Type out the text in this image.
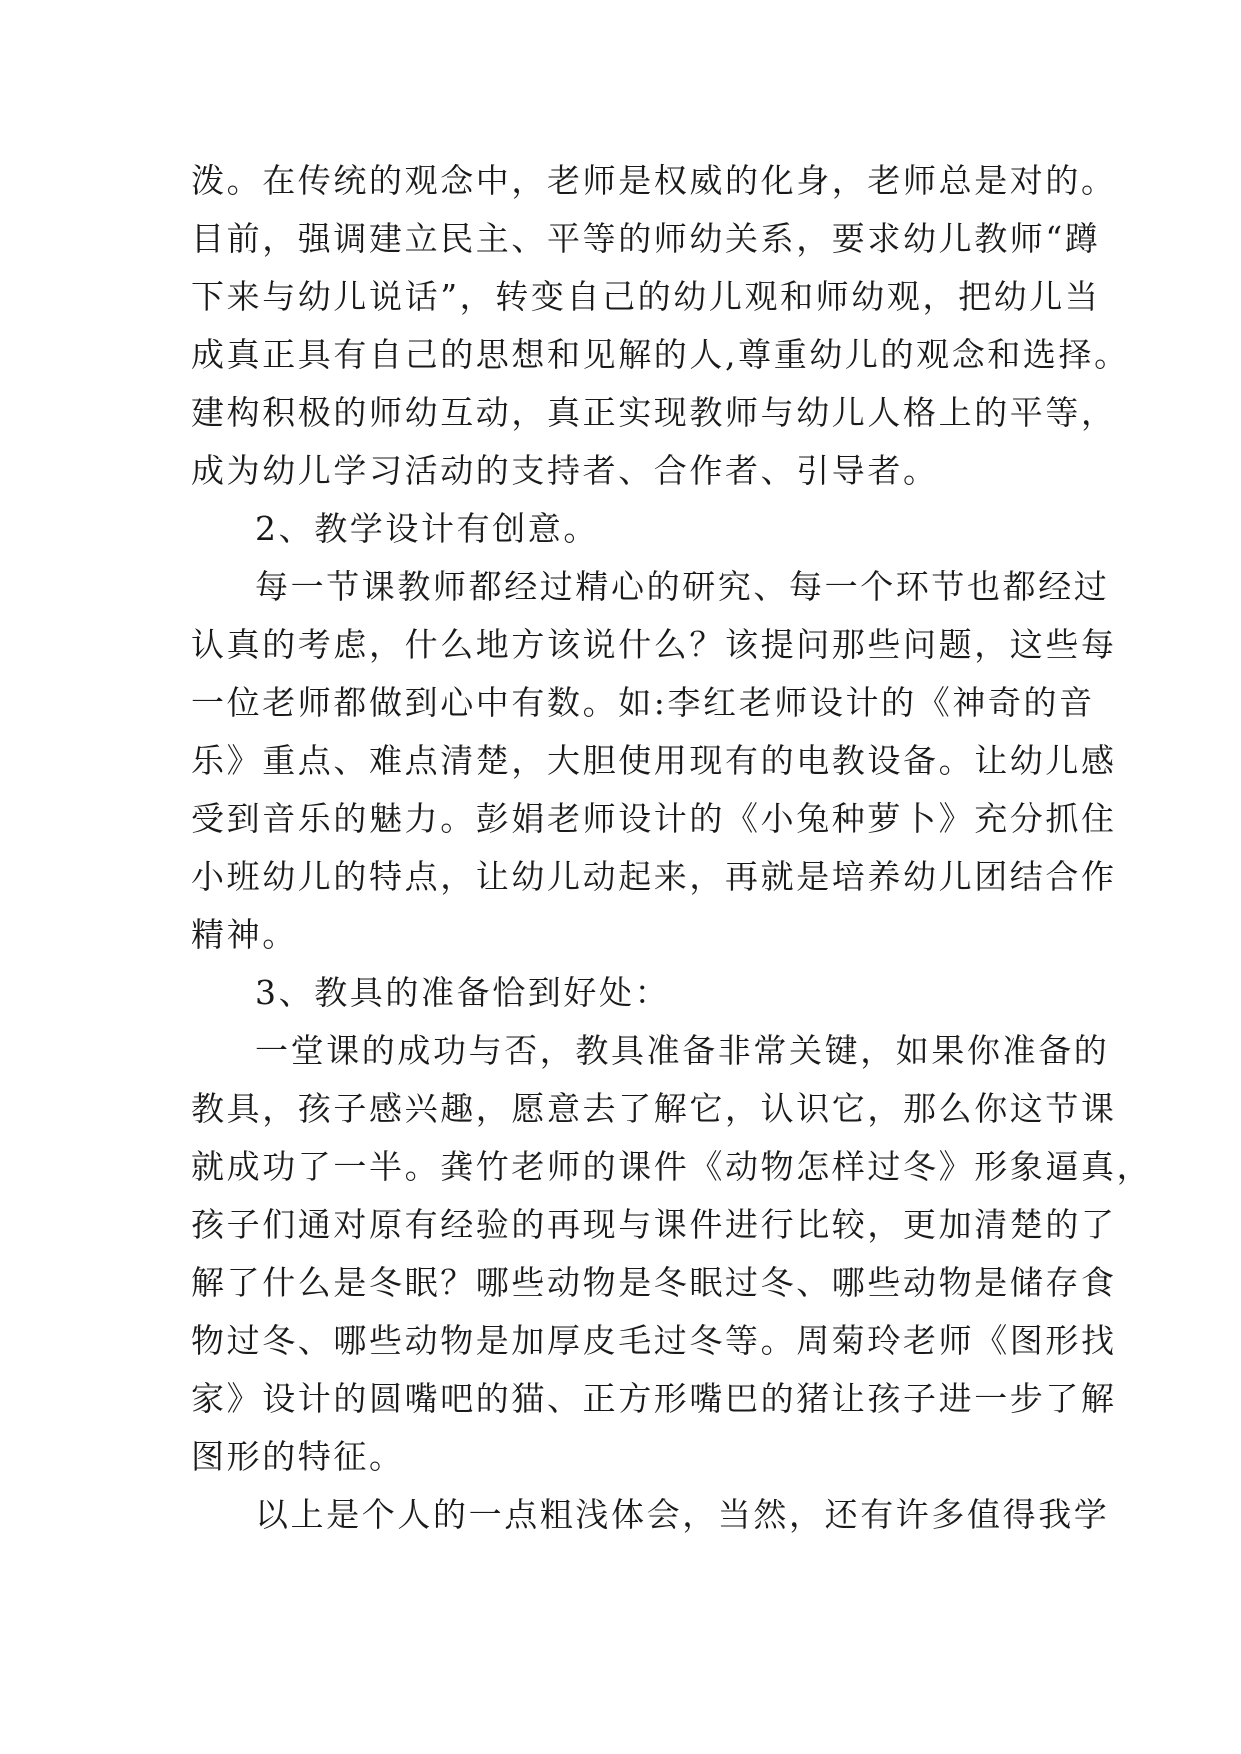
泼。在传统的观念中，老师是权威的化身，老师总是对的。
目前，强调建立民主、平等的师幼关系，要求幼儿教师“蹲
下来与幼儿说话”，转变自己的幼儿观和师幼观，把幼儿当
成真正具有自己的思想和见解的人,尊重幼儿的观念和选择。
建构积极的师幼互动，真正实现教师与幼儿人格上的平等，
成为幼儿学习活动的支持者、合作者、引导者。
2、教学设计有创意。
每一节课教师都经过精心的研究、每一个环节也都经过
认真的考虑，什么地方该说什么？该提问那些问题，这些每
一位老师都做到心中有数。如:李红老师设计的《神奇的音
乐》重点、难点清楚，大胆使用现有的电教设备。让幼儿感
受到音乐的魅力。彭娟老师设计的《小兔种萝卜》充分抓住
小班幼儿的特点，让幼儿动起来，再就是培养幼儿团结合作
精神。
3、教具的准备恰到好处：
一堂课的成功与否，教具准备非常关键，如果你准备的
教具，孩子感兴趣，愿意去了解它，认识它，那么你这节课
就成功了一半。龚竹老师的课件《动物怎样过冬》形象逼真，
孩子们通对原有经验的再现与课件进行比较，更加清楚的了
解了什么是冬眠？哪些动物是冬眠过冬、哪些动物是储存食
物过冬、哪些动物是加厚皮毛过冬等。周菊玲老师《图形找
家》设计的圆嘴吧的猫、正方形嘴巴的猪让孩子进一步了解
图形的特征。
以上是个人的一点粗浅体会，当然，还有许多值得我学
